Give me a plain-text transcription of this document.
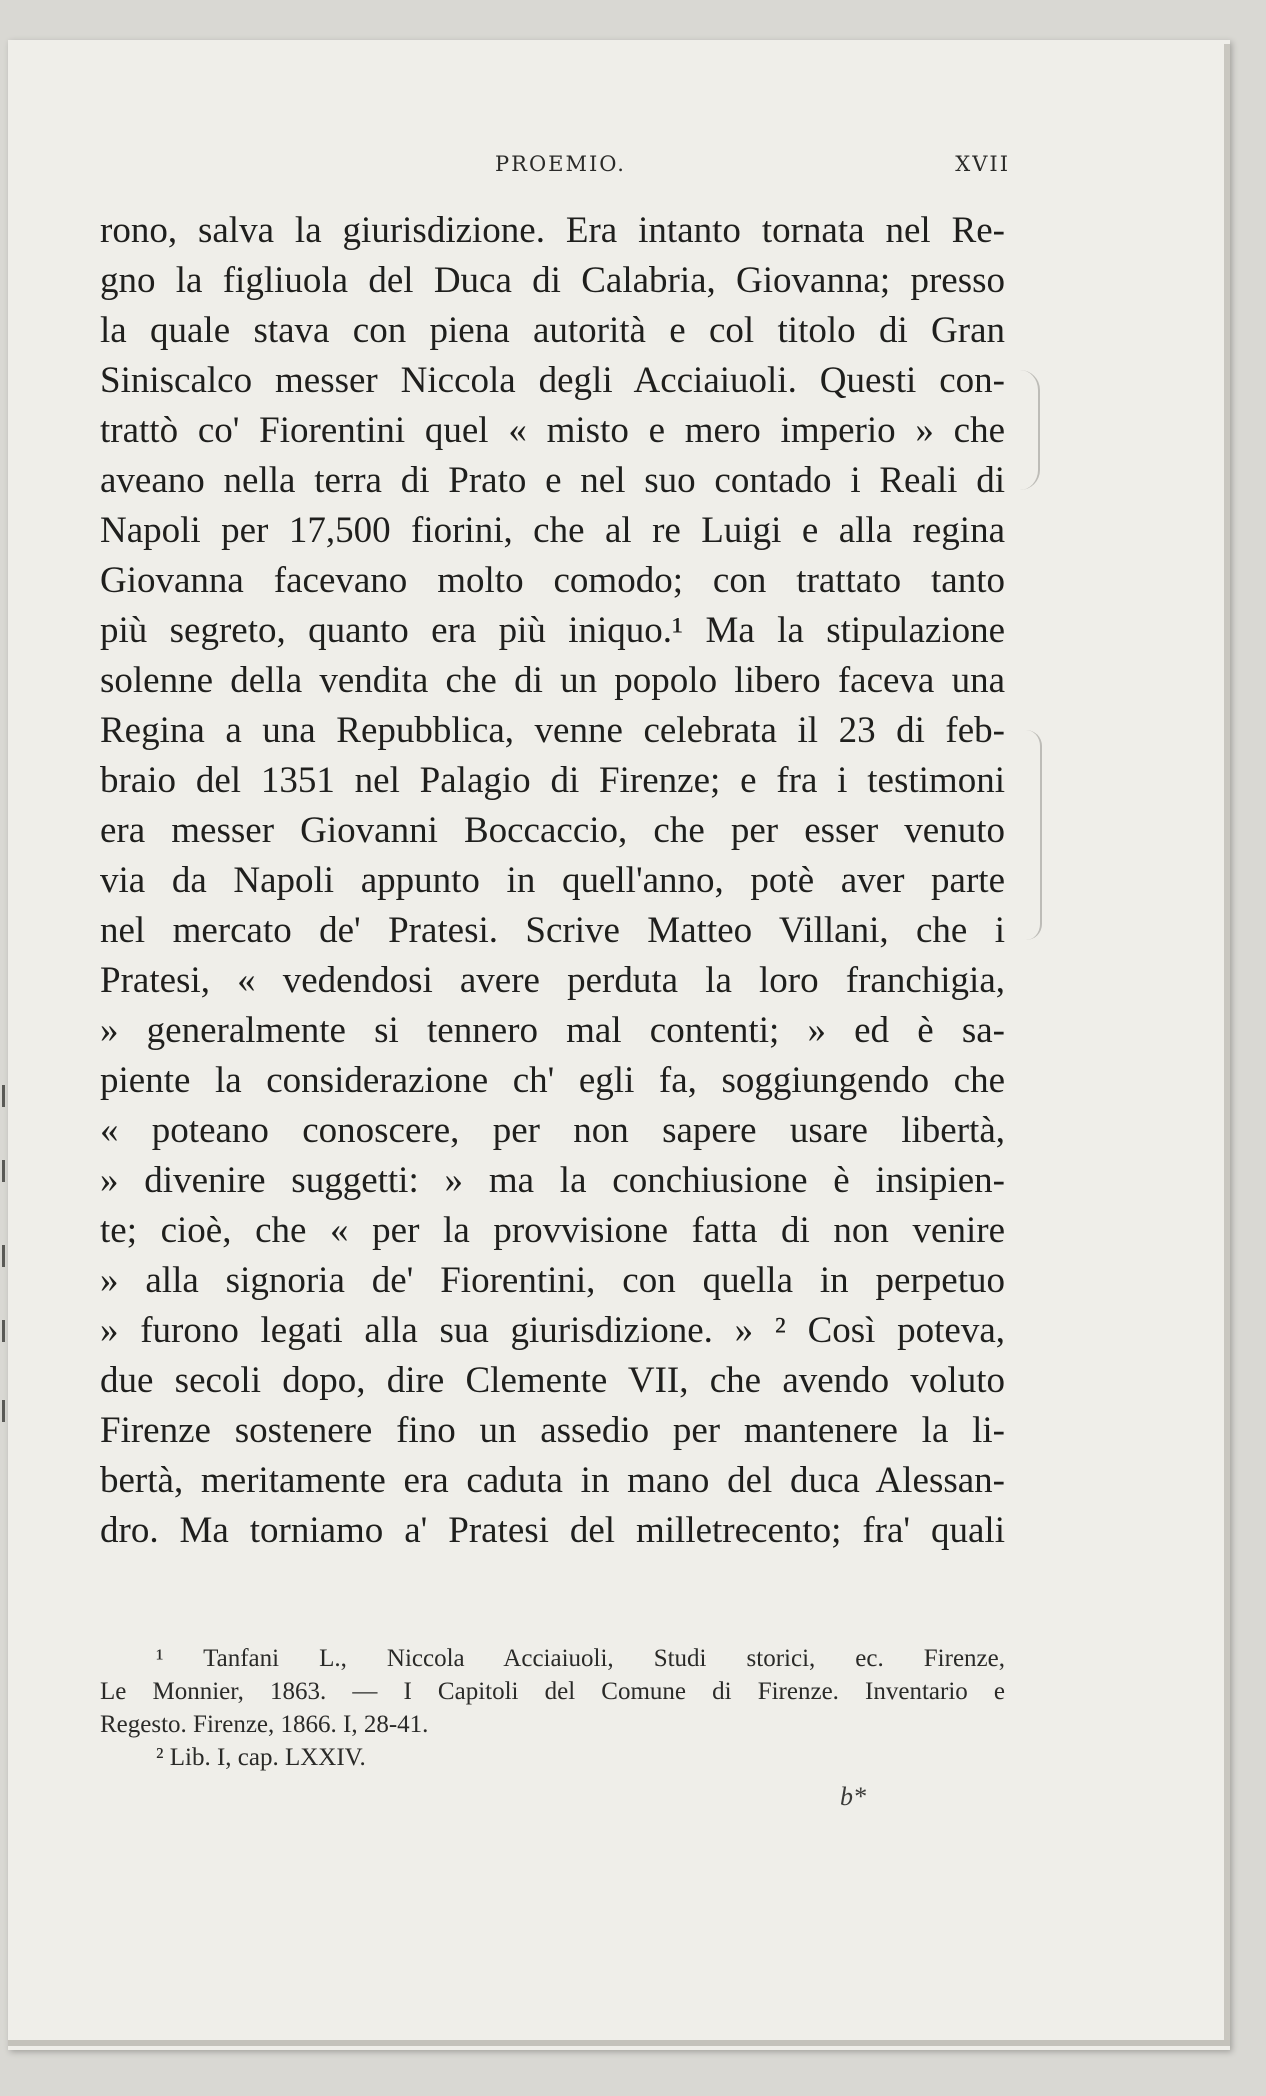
PROEMIO.	XVII
rono, salva la giurisdizione. Era intanto tornata nel Re-
gno la figliuola del Duca di Calabria, Giovanna; presso
la quale stava con piena autorità e col titolo di Gran
Siniscalco messer Niccola degli Acciaiuoli. Questi con-
trattò co' Fiorentini quel « misto e mero imperio » che
aveano nella terra di Prato e nel suo contado i Reali di
Napoli per 17,500 fiorini, che al re Luigi e alla regina
Giovanna facevano molto comodo; con trattato tanto
più segreto, quanto era più iniquo.¹ Ma la stipulazione
solenne della vendita che di un popolo libero faceva una
Regina a una Repubblica, venne celebrata il 23 di feb-
braio del 1351 nel Palagio di Firenze; e fra i testimoni
era messer Giovanni Boccaccio, che per esser venuto
via da Napoli appunto in quell'anno, potè aver parte
nel mercato de' Pratesi. Scrive Matteo Villani, che i
Pratesi, « vedendosi avere perduta la loro franchigia,
» generalmente si tennero mal contenti; » ed è sa-
piente la considerazione ch' egli fa, soggiungendo che
« poteano conoscere, per non sapere usare libertà,
» divenire suggetti: » ma la conchiusione è insipien-
te; cioè, che « per la provvisione fatta di non venire
» alla signoria de' Fiorentini, con quella in perpetuo
» furono legati alla sua giurisdizione. » ² Così poteva,
due secoli dopo, dire Clemente VII, che avendo voluto
Firenze sostenere fino un assedio per mantenere la li-
bertà, meritamente era caduta in mano del duca Alessan-
dro. Ma torniamo a' Pratesi del milletrecento; fra' quali
¹ Tanfani L., Niccola Acciaiuoli, Studi storici, ec. Firenze,
Le Monnier, 1863. — I Capitoli del Comune di Firenze. Inventario e
Regesto. Firenze, 1866. I, 28-41.
² Lib. I, cap. LXXIV.
b*
